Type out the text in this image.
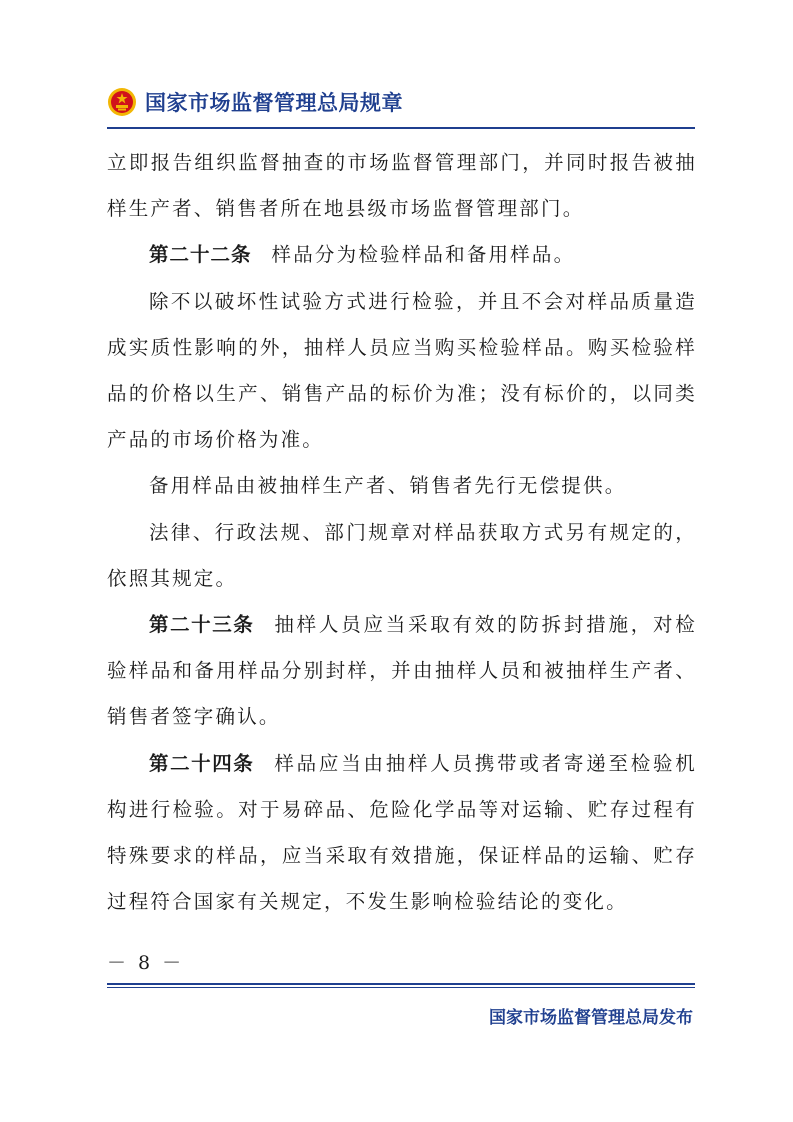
国家市场监督管理总局规章

立即报告组织监督抽查的市场监督管理部门，并同时报告被抽样生产者、销售者所在地县级市场监督管理部门。

第二十二条 样品分为检验样品和备用样品。

除不以破坏性试验方式进行检验，并且不会对样品质量造成实质性影响的外，抽样人员应当购买检验样品。购买检验样品的价格以生产、销售产品的标价为准；没有标价的，以同类产品的市场价格为准。

备用样品由被抽样生产者、销售者先行无偿提供。

法律、行政法规、部门规章对样品获取方式另有规定的，依照其规定。

第二十三条 抽样人员应当采取有效的防拆封措施，对检验样品和备用样品分别封样，并由抽样人员和被抽样生产者、销售者签字确认。

第二十四条 样品应当由抽样人员携带或者寄递至检验机构进行检验。对于易碎品、危险化学品等对运输、贮存过程有特殊要求的样品，应当采取有效措施，保证样品的运输、贮存过程符合国家有关规定，不发生影响检验结论的变化。

－ 8 －
国家市场监督管理总局发布
